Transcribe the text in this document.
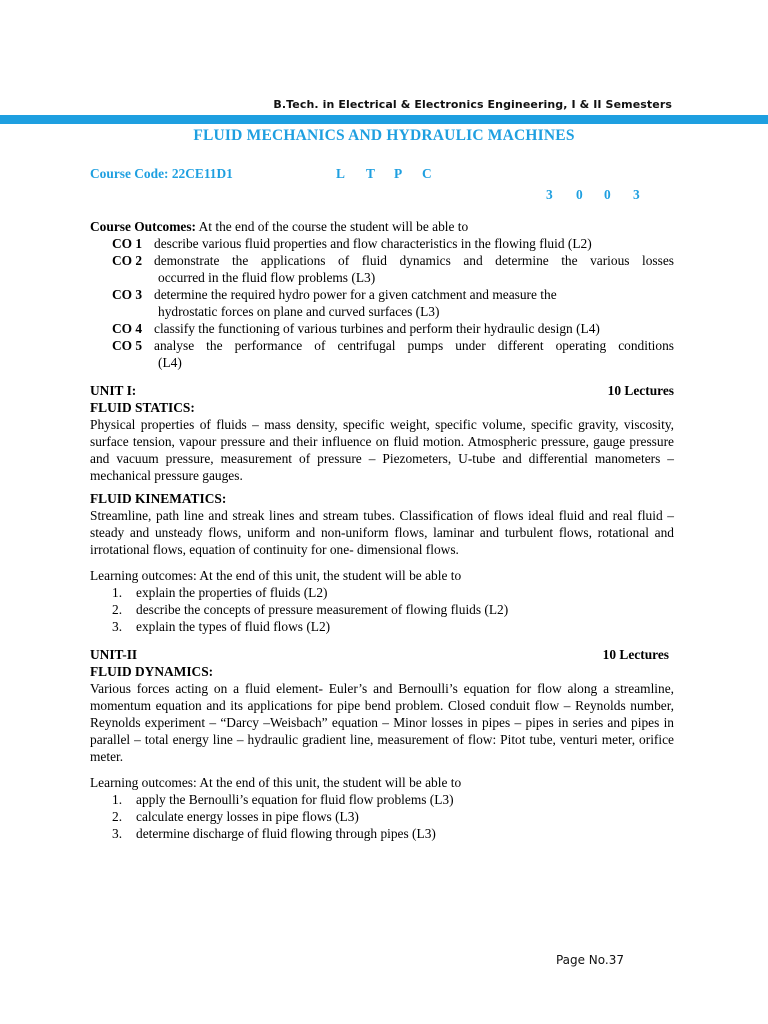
B.Tech. in Electrical & Electronics Engineering, I & II Semesters
FLUID MECHANICS AND HYDRAULIC MACHINES
Course Code: 22CE11D1	L T P C
3 0 0 3
Course Outcomes: At the end of the course the student will be able to
CO 1 describe various fluid properties and flow characteristics in the flowing fluid (L2)
CO 2 demonstrate the applications of fluid dynamics and determine the various losses
occurred in the fluid flow problems (L3)
CO 3 determine the required hydro power for a given catchment and measure the
hydrostatic forces on plane and curved surfaces (L3)
CO 4 classify the functioning of various turbines and perform their hydraulic design (L4)
CO 5 analyse the performance of centrifugal pumps under different operating conditions
(L4)
UNIT I:	10 Lectures
FLUID STATICS:
Physical properties of fluids – mass density, specific weight, specific volume, specific gravity, viscosity, surface tension, vapour pressure and their influence on fluid motion. Atmospheric pressure, gauge pressure and vacuum pressure, measurement of pressure – Piezometers, U-tube and differential manometers – mechanical pressure gauges.
FLUID KINEMATICS:
Streamline, path line and streak lines and stream tubes. Classification of flows ideal fluid and real fluid – steady and unsteady flows, uniform and non-uniform flows, laminar and turbulent flows, rotational and irrotational flows, equation of continuity for one- dimensional flows.
Learning outcomes: At the end of this unit, the student will be able to
1.	explain the properties of fluids (L2)
2.	describe the concepts of pressure measurement of flowing fluids (L2)
3.	explain the types of fluid flows (L2)
UNIT-II	10 Lectures
FLUID DYNAMICS:
Various forces acting on a fluid element- Euler’s and Bernoulli’s equation for flow along a streamline, momentum equation and its applications for pipe bend problem. Closed conduit flow – Reynolds number, Reynolds experiment – “Darcy –Weisbach” equation – Minor losses in pipes – pipes in series and pipes in parallel – total energy line – hydraulic gradient line, measurement of flow: Pitot tube, venturi meter, orifice meter.
Learning outcomes: At the end of this unit, the student will be able to
1.	apply the Bernoulli’s equation for fluid flow problems (L3)
2.	calculate energy losses in pipe flows (L3)
3.	determine discharge of fluid flowing through pipes (L3)
Page No.37
